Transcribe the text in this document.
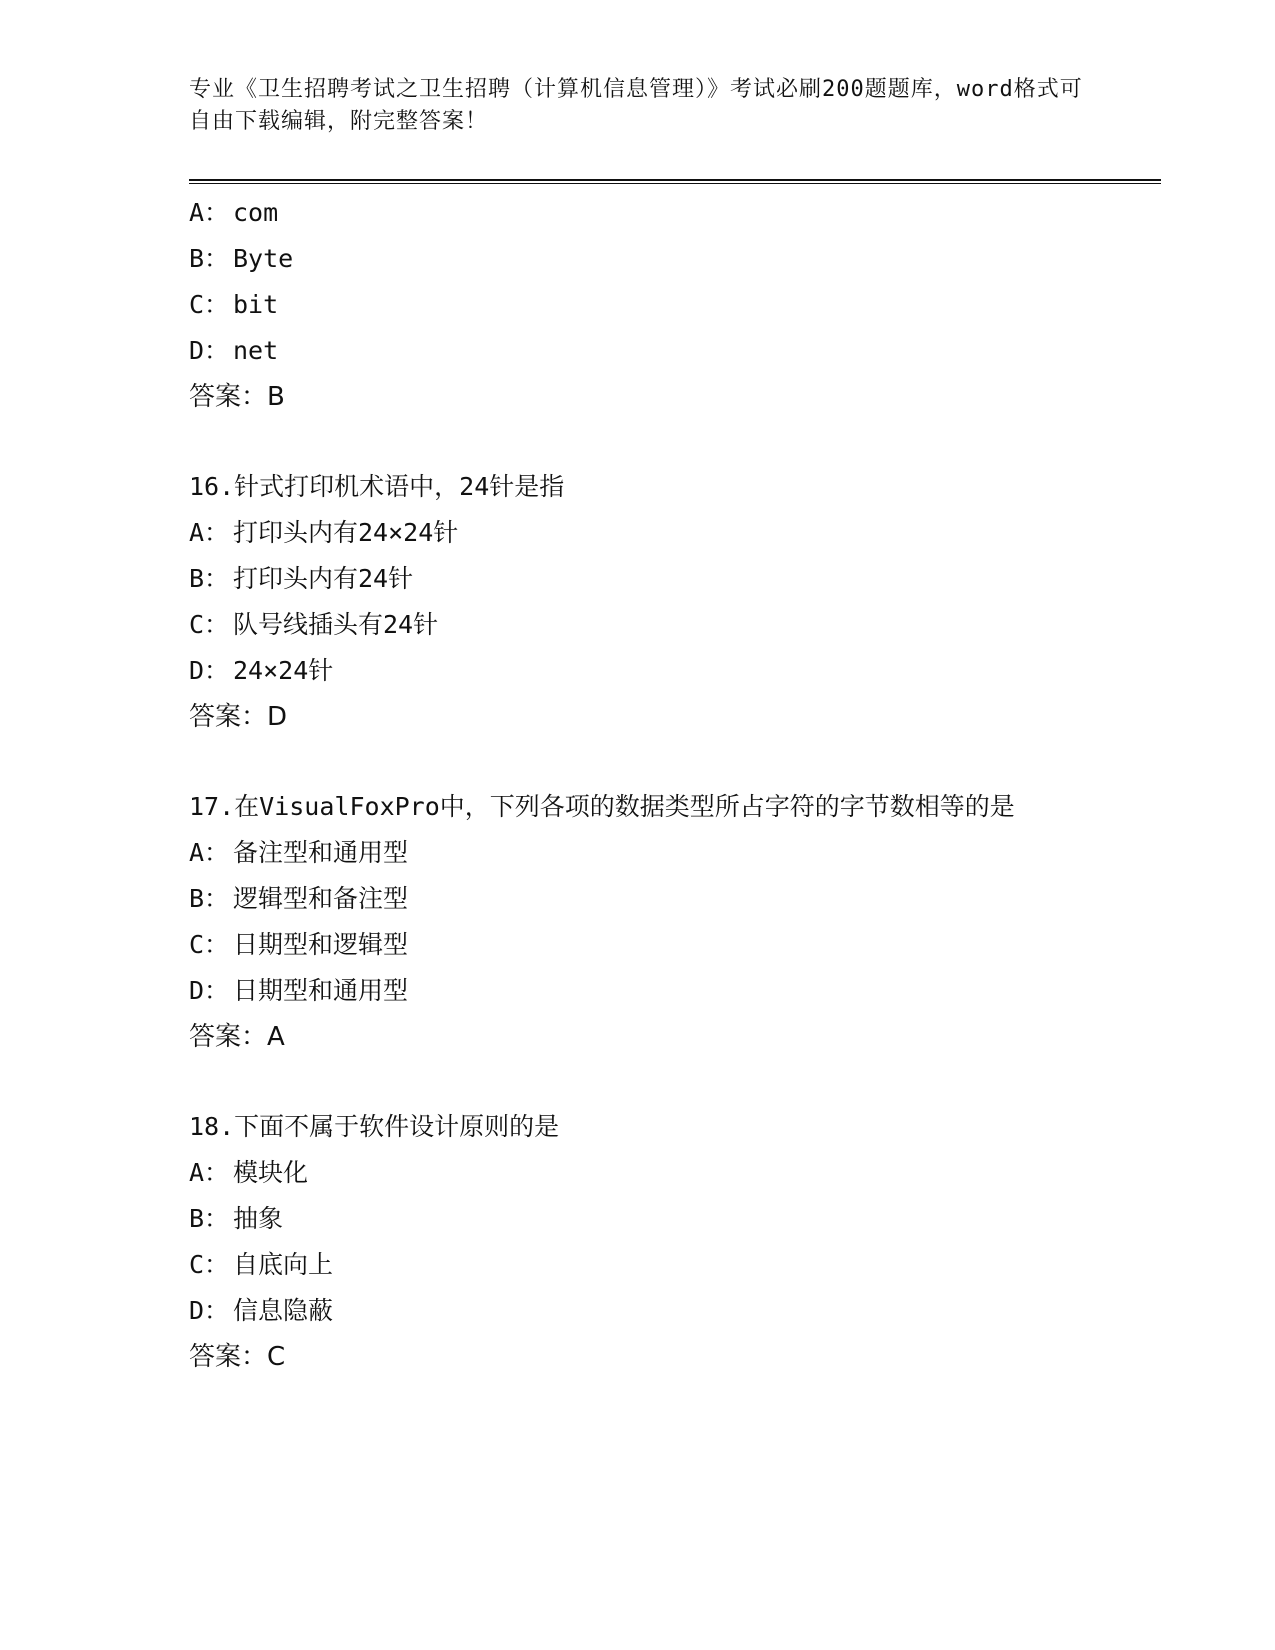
专业《卫生招聘考试之卫生招聘（计算机信息管理）》考试必刷200题题库，word格式可自由下载编辑，附完整答案！
A： com
B： Byte
C： bit
D： net
答案：B
16.针式打印机术语中，24针是指
A： 打印头内有24×24针
B： 打印头内有24针
C： 队号线插头有24针
D： 24×24针
答案：D
17.在VisualFoxPro中，下列各项的数据类型所占字符的字节数相等的是
A： 备注型和通用型
B： 逻辑型和备注型
C： 日期型和逻辑型
D： 日期型和通用型
答案：A
18.下面不属于软件设计原则的是
A： 模块化
B： 抽象
C： 自底向上
D： 信息隐蔽
答案：C
